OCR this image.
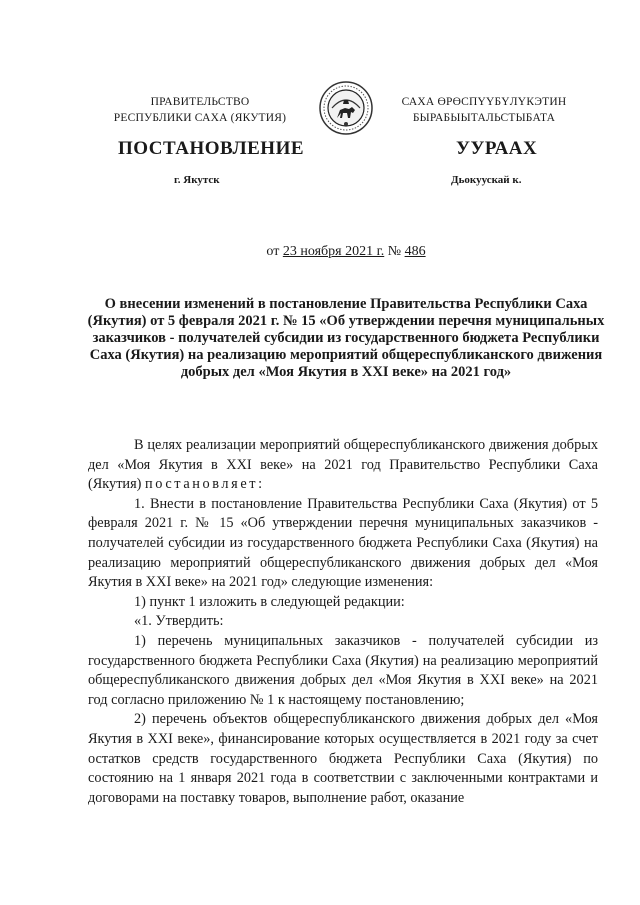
ПРАВИТЕЛЬСТВО
РЕСПУБЛИКИ САХА (ЯКУТИЯ)
САХА ӨРӨСПҮҮБҮЛҮКЭТИН
БЫРАБЫЫТАЛЬСТЫБАТА
ПОСТАНОВЛЕНИЕ	УУРААХ
г. Якутск	Дьокуускай к.
от 23 ноября 2021 г. № 486
О внесении изменений в постановление Правительства Республики Саха (Якутия) от 5 февраля 2021 г. № 15 «Об утверждении перечня муниципальных заказчиков - получателей субсидии из государственного бюджета Республики Саха (Якутия) на реализацию мероприятий общереспубликанского движения добрых дел «Моя Якутия в XXI веке» на 2021 год»

В целях реализации мероприятий общереспубликанского движения добрых дел «Моя Якутия в XXI веке» на 2021 год Правительство Республики Саха (Якутия) постановляет:

1. Внести в постановление Правительства Республики Саха (Якутия) от 5 февраля 2021 г. № 15 «Об утверждении перечня муниципальных заказчиков - получателей субсидии из государственного бюджета Республики Саха (Якутия) на реализацию мероприятий общереспубликанского движения добрых дел «Моя Якутия в XXI веке» на 2021 год» следующие изменения:

1) пункт 1 изложить в следующей редакции:

«1. Утвердить:

1) перечень муниципальных заказчиков - получателей субсидии из государственного бюджета Республики Саха (Якутия) на реализацию мероприятий общереспубликанского движения добрых дел «Моя Якутия в XXI веке» на 2021 год согласно приложению № 1 к настоящему постановлению;

2) перечень объектов общереспубликанского движения добрых дел «Моя Якутия в XXI веке», финансирование которых осуществляется в 2021 году за счет остатков средств государственного бюджета Республики Саха (Якутия) по состоянию на 1 января 2021 года в соответствии с заключенными контрактами и договорами на поставку товаров, выполнение работ, оказание
